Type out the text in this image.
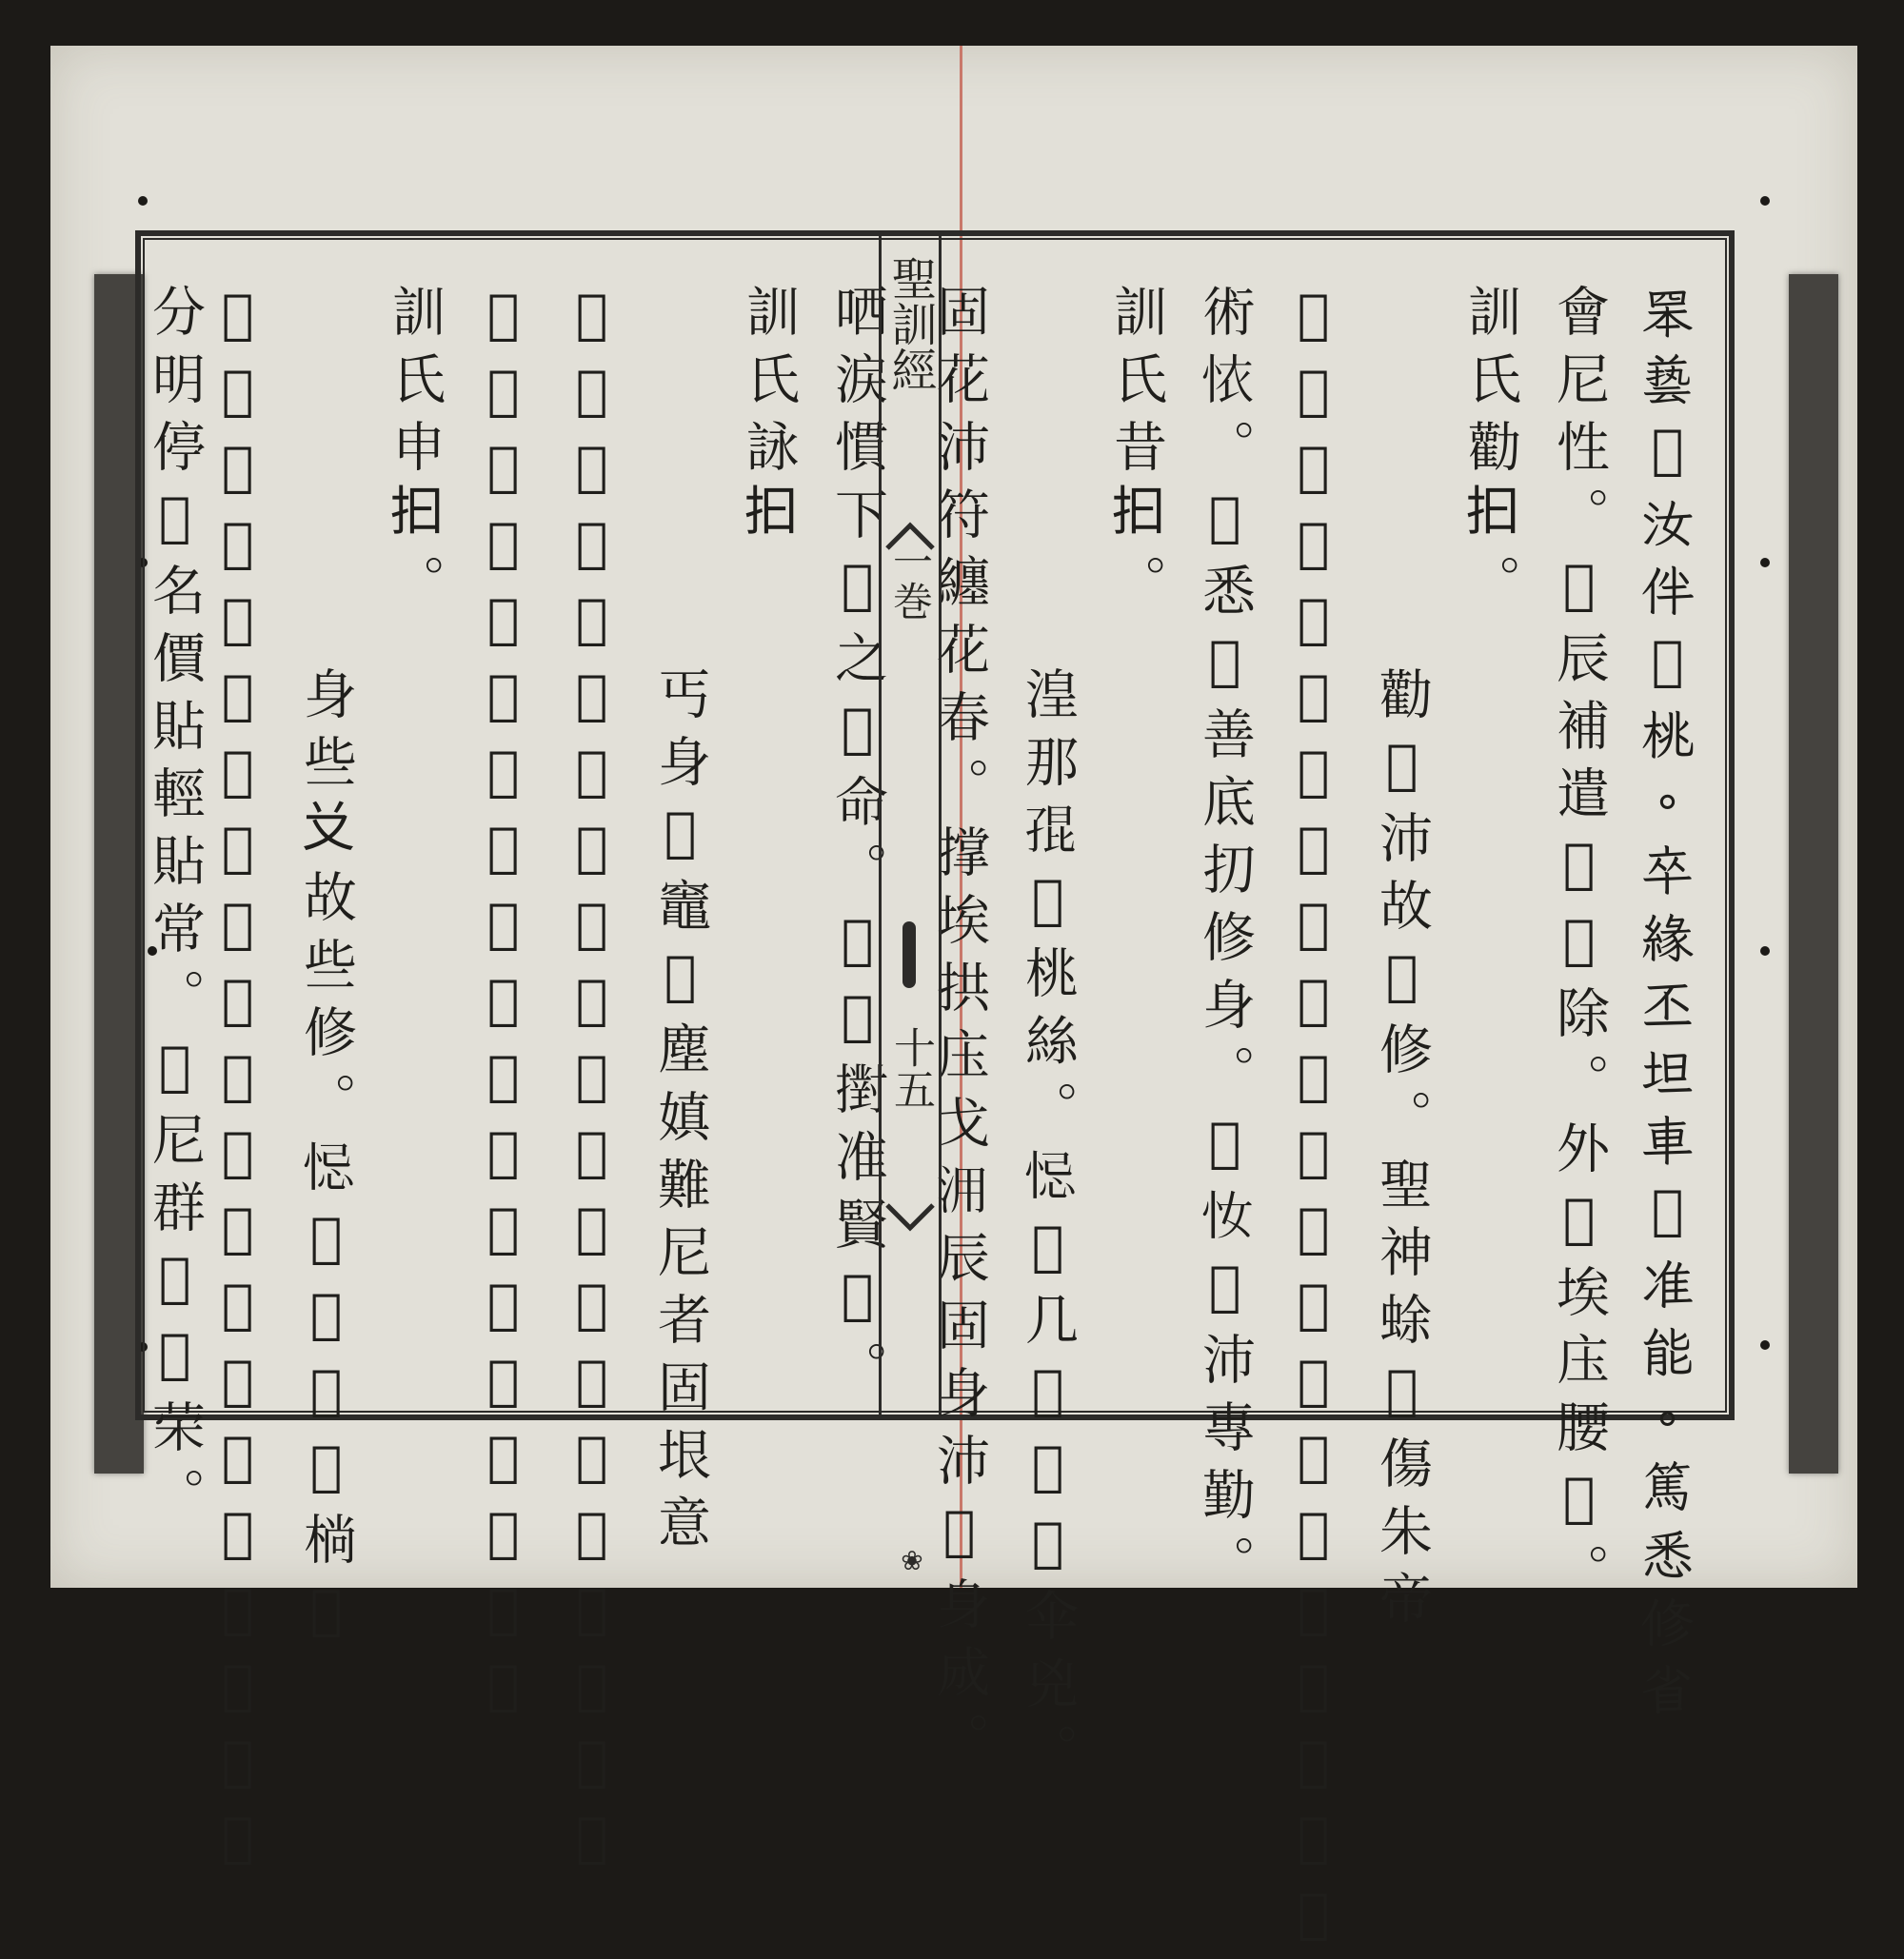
𦊚兿𨁪汝伴䏦桃。卒緣丕坦車𢧚准能。篤悉修省
會尼性。𢚸辰補遣𪜀𨀈除。外𤳸埃庒腰𢜝。
訓氏勸𢪏。
勸𪝬沛故𪝬修。聖神蜍𠓨傷朱帝
𡢐。錫歐造化安排。景𦊚拱自如𨁪席𥾽。巍高欺𢖬
術𢙇。𢡮悉𥛉善底㧅修身。𢚸𢖵𨀈沛專勤。
訓氏昔𢪏。
湟那𡥵𪝬桃絲。𢚁𨔍几𢜝𨁪𢜝伞兇。
固花沛符纏花春。撑埃拱庒戈𣳔辰固身沛𤈜身𢦓。
哂涙慣下𠁀之𢀨命。𡢐𢖵𢷮准賢𬋩。
訓氏詠𢪏
丐身𡎝竈𡐙塵嫃難尼者固垠意
𢘾量𨔍𣅶𥪝𪯵灰。貼辰貼世𪝬辰𪝬終。𢚁𨔍固𠃣
𡗶𠬠。骨蒸閆事自𨁪𢠿命。格閑丕𠓨底盈。
訓氏申𢪏。
身些𠬠故些修。𢚁𨔍𣘃𦹵𣘃㭻𢜝
𩛂於𡃚𣅶𢚸𣅶𢖵。𠻗𥄭底吏𪮊勾賢𬋩。丕高𤊧𤈜
分明停𢩣名價貼輕貼常。𢖵尼群𧄫𧍋荣。	聖訓經
一巻
十五
❀
